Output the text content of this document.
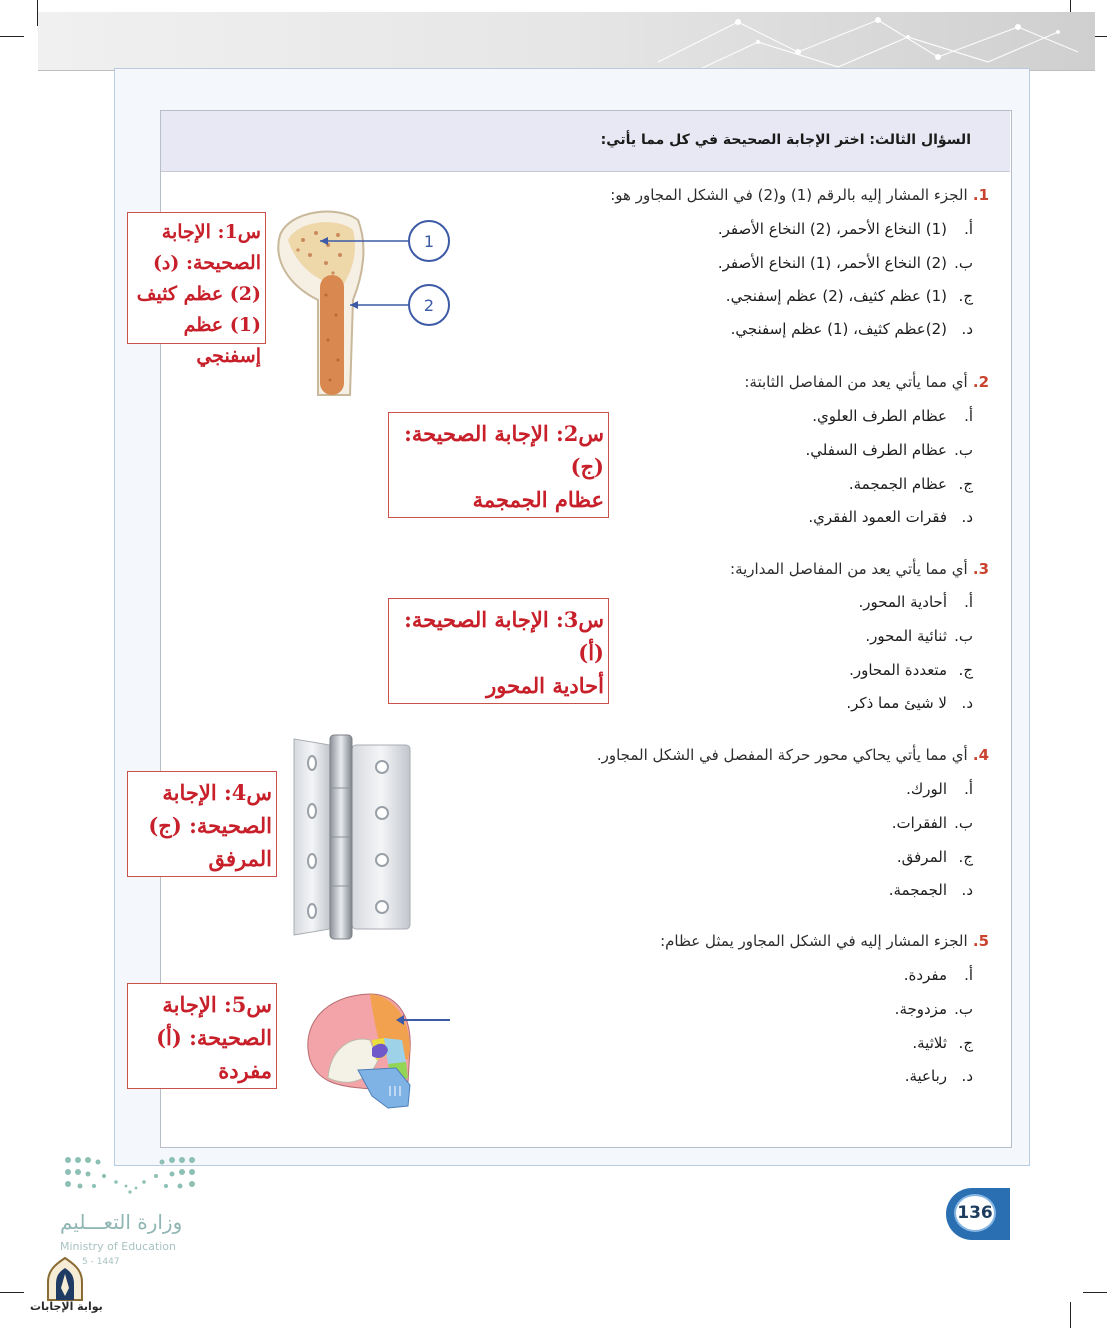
السؤال الثالث: اختر الإجابة الصحيحة في كل مما يأتي:
1. الجزء المشار إليه بالرقم (1) و(2) في الشكل المجاور هو:
أ.(1) النخاع الأحمر، (2) النخاع الأصفر.
ب.(2) النخاع الأحمر، (1) النخاع الأصفر.
ج.(1) عظم كثيف، (2) عظم إسفنجي.
د.(2)عظم كثيف، (1) عظم إسفنجي.
1
2
س1: الإجابة
الصحيحة: (د)
(2) عظم كثيف
(1) عظم إسفنجي
2. أي مما يأتي يعد من المفاصل الثابتة:
أ.عظام الطرف العلوي.
ب.عظام الطرف السفلي.
ج.عظام الجمجمة.
د.فقرات العمود الفقري.
س2: الإجابة الصحيحة:
(ج)
عظام الجمجمة
3. أي مما يأتي يعد من المفاصل المدارية:
أ.أحادية المحور.
ب.ثنائية المحور.
ج.متعددة المحاور.
د.لا شيئ مما ذكر.
س3: الإجابة الصحيحة:
(أ)
أحادية المحور
4. أي مما يأتي يحاكي محور حركة المفصل في الشكل المجاور.
أ.الورك.
ب.الفقرات.
ج.المرفق.
د.الجمجمة.
س4: الإجابة
الصحيحة: (ج)
المرفق
5. الجزء المشار إليه في الشكل المجاور يمثل عظام:
أ.مفردة.
ب.مزدوجة.
ج.ثلاثية.
د.رباعية.
س5: الإجابة
الصحيحة: (أ)
مفردة
136
وزارة التعـــليم
Ministry of Education
5 - 1447
بوابة الإجابات
